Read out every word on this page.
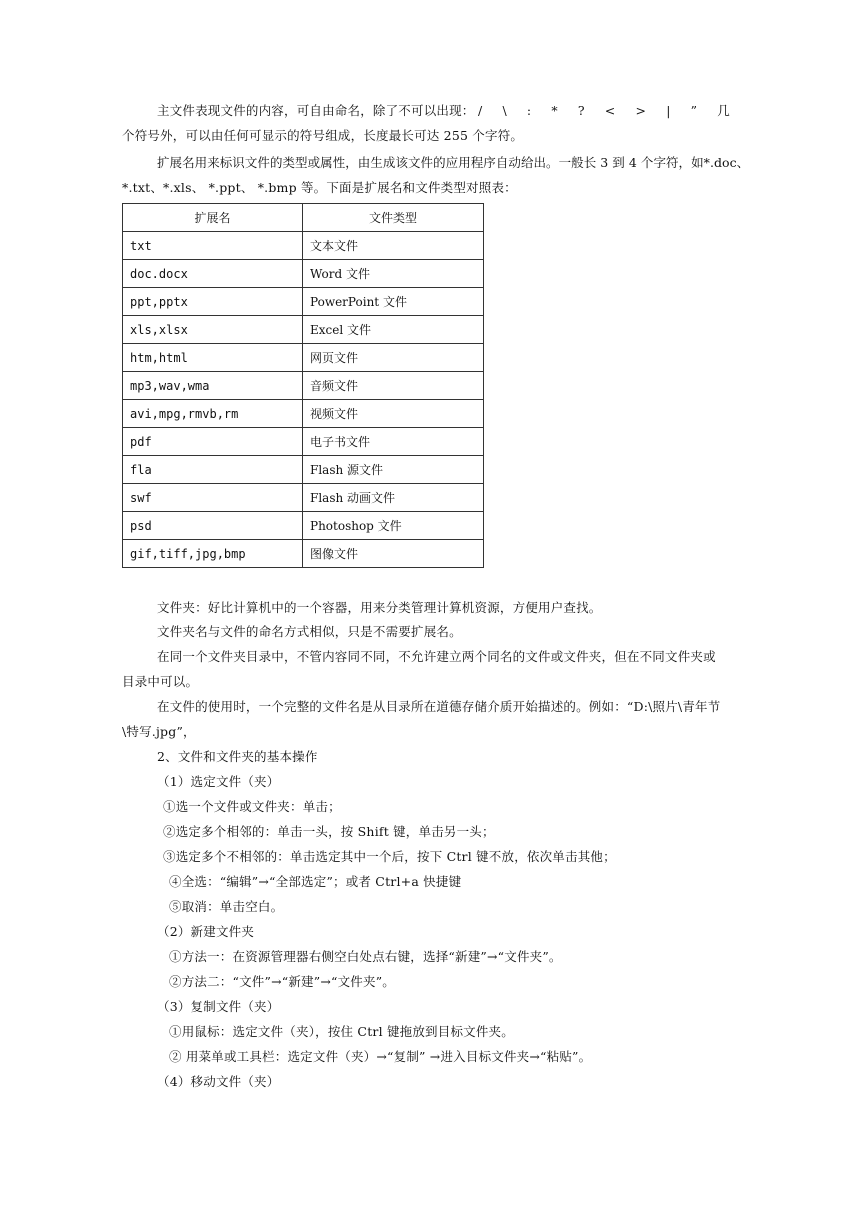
主文件表现文件的内容，可自由命名，除了不可以出现： / \ : * ? < > | ” 几
个符号外，可以由任何可显示的符号组成，长度最长可达 255 个字符。
扩展名用来标识文件的类型或属性，由生成该文件的应用程序自动给出。一般长 3 到 4 个字符，如*.doc、
*.txt、*.xls、 *.ppt、 *.bmp 等。下面是扩展名和文件类型对照表：
扩展名	文件类型
txt	文本文件
doc.docx	Word 文件
ppt,pptx	PowerPoint 文件
xls,xlsx	Excel 文件
htm,html	网页文件
mp3,wav,wma	音频文件
avi,mpg,rmvb,rm	视频文件
pdf	电子书文件
fla	Flash 源文件
swf	Flash 动画文件
psd	Photoshop 文件
gif,tiff,jpg,bmp	图像文件
文件夹：好比计算机中的一个容器，用来分类管理计算机资源，方便用户查找。
文件夹名与文件的命名方式相似，只是不需要扩展名。
在同一个文件夹目录中，不管内容同不同，不允许建立两个同名的文件或文件夹，但在不同文件夹或
目录中可以。
在文件的使用时，一个完整的文件名是从目录所在道德存储介质开始描述的。例如：“D:\照片\青年节
\特写.jpg”，
2、文件和文件夹的基本操作
（1）选定文件（夹）
①选一个文件或文件夹：单击；
②选定多个相邻的：单击一头，按 Shift 键，单击另一头；
③选定多个不相邻的：单击选定其中一个后，按下 Ctrl 键不放，依次单击其他；
④全选：“编辑”→“全部选定”；或者 Ctrl+a 快捷键
⑤取消：单击空白。
（2）新建文件夹
①方法一：在资源管理器右侧空白处点右键，选择“新建”→“文件夹”。
②方法二：“文件”→“新建”→“文件夹”。
（3）复制文件（夹）
①用鼠标：选定文件（夹），按住 Ctrl 键拖放到目标文件夹。
② 用菜单或工具栏：选定文件（夹）→“复制” →进入目标文件夹→“粘贴”。
（4）移动文件（夹）
